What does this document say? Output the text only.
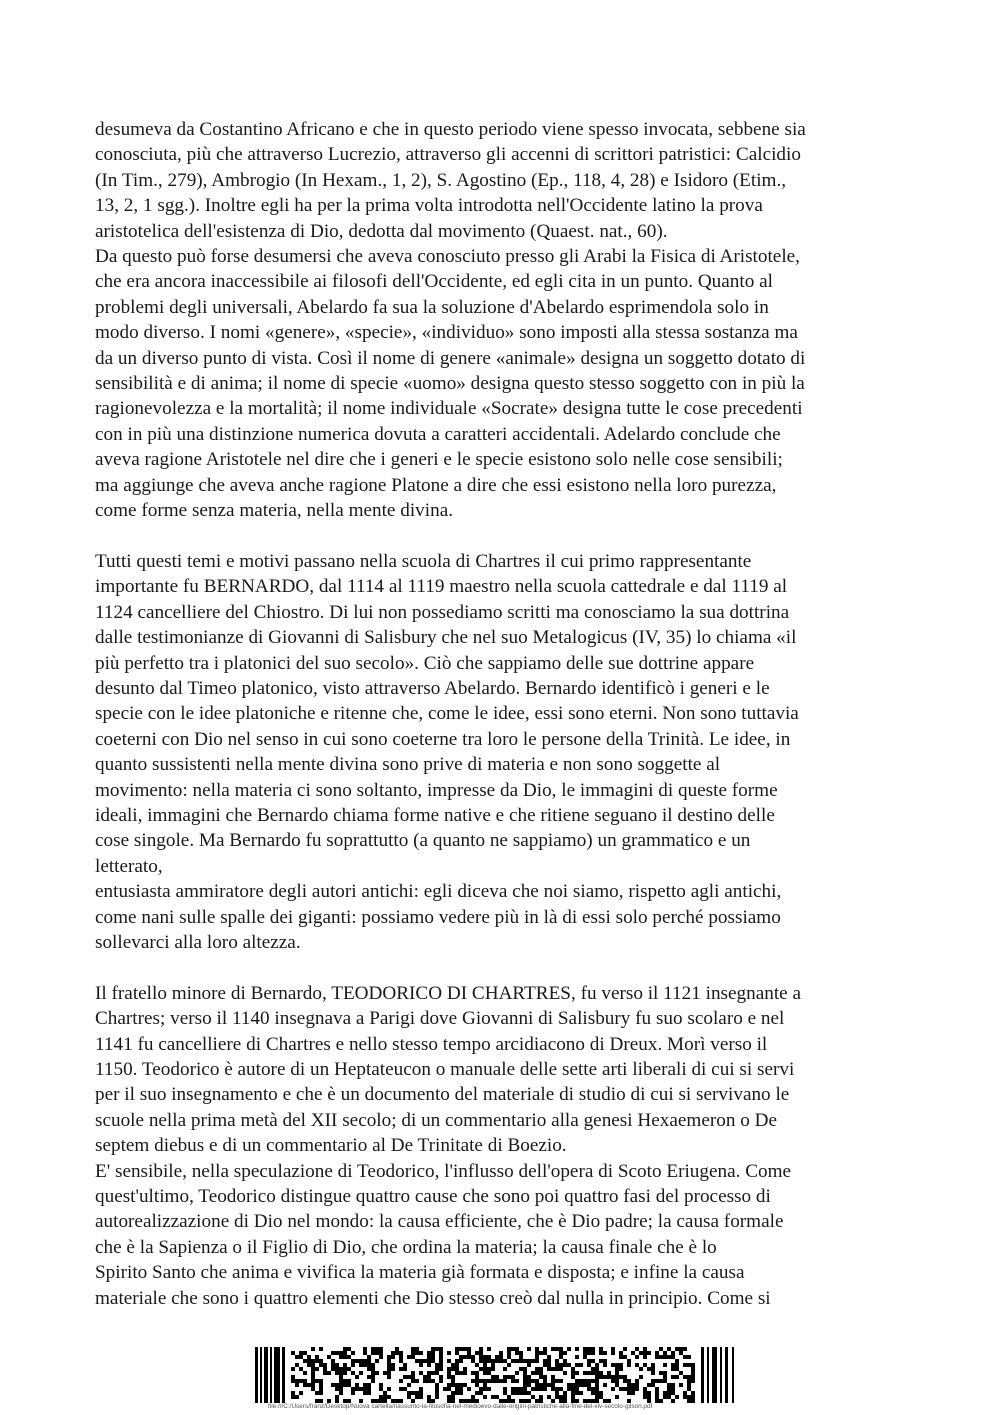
desumeva da Costantino Africano e che in questo periodo viene spesso invocata, sebbene sia

conosciuta, più che attraverso Lucrezio, attraverso gli accenni di scrittori patristici: Calcidio

(In Tim., 279), Ambrogio (In Hexam., 1, 2), S. Agostino (Ep., 118, 4, 28) e Isidoro (Etim.,

13, 2, 1 sgg.). Inoltre egli ha per la prima volta introdotta nell'Occidente latino la prova

aristotelica dell'esistenza di Dio, dedotta dal movimento (Quaest. nat., 60).

Da questo può forse desumersi che aveva conosciuto presso gli Arabi la Fisica di Aristotele,

che era ancora inaccessibile ai filosofi dell'Occidente, ed egli cita in un punto. Quanto al

problemi degli universali, Abelardo fa sua la soluzione d'Abelardo esprimendola solo in

modo diverso. I nomi «genere», «specie», «individuo» sono imposti alla stessa sostanza ma

da un diverso punto di vista. Così il nome di genere «animale» designa un soggetto dotato di

sensibilità e di anima; il nome di specie «uomo» designa questo stesso soggetto con in più la

ragionevolezza e la mortalità; il nome individuale «Socrate» designa tutte le cose precedenti

con in più una distinzione numerica dovuta a caratteri accidentali. Adelardo conclude che

aveva ragione Aristotele nel dire che i generi e le specie esistono solo nelle cose sensibili;

ma aggiunge che aveva anche ragione Platone a dire che essi esistono nella loro purezza,

come forme senza materia, nella mente divina.

Tutti questi temi e motivi passano nella scuola di Chartres il cui primo rappresentante

importante fu BERNARDO, dal 1114 al 1119 maestro nella scuola cattedrale e dal 1119 al

1124 cancelliere del Chiostro. Di lui non possediamo scritti ma conosciamo la sua dottrina

dalle testimonianze di Giovanni di Salisbury che nel suo Metalogicus (IV, 35) lo chiama «il

più perfetto tra i platonici del suo secolo». Ciò che sappiamo delle sue dottrine appare

desunto dal Timeo platonico, visto attraverso Abelardo. Bernardo identificò i generi e le

specie con le idee platoniche e ritenne che, come le idee, essi sono eterni. Non sono tuttavia

coeterni con Dio nel senso in cui sono coeterne tra loro le persone della Trinità. Le idee, in

quanto sussistenti nella mente divina sono prive di materia e non sono soggette al

movimento: nella materia ci sono soltanto, impresse da Dio, le immagini di queste forme

ideali, immagini che Bernardo chiama forme native e che ritiene seguano il destino delle

cose singole. Ma Bernardo fu soprattutto (a quanto ne sappiamo) un grammatico e un

letterato,

entusiasta ammiratore degli autori antichi: egli diceva che noi siamo, rispetto agli antichi,

come nani sulle spalle dei giganti: possiamo vedere più in là di essi solo perché possiamo

sollevarci alla loro altezza.

Il fratello minore di Bernardo, TEODORICO DI CHARTRES, fu verso il 1121 insegnante a

Chartres; verso il 1140 insegnava a Parigi dove Giovanni di Salisbury fu suo scolaro e nel

1141 fu cancelliere di Chartres e nello stesso tempo arcidiacono di Dreux. Morì verso il

1150. Teodorico è autore di un Heptateucon o manuale delle sette arti liberali di cui si servi

per il suo insegnamento e che è un documento del materiale di studio di cui si servivano le

scuole nella prima metà del XII secolo; di un commentario alla genesi Hexaemeron o De

septem diebus e di un commentario al De Trinitate di Boezio.

E' sensibile, nella speculazione di Teodorico, l'influsso dell'opera di Scoto Eriugena. Come

quest'ultimo, Teodorico distingue quattro cause che sono poi quattro fasi del processo di

autorealizzazione di Dio nel mondo: la causa efficiente, che è Dio padre; la causa formale

che è la Sapienza o il Figlio di Dio, che ordina la materia; la causa finale che è lo

Spirito Santo che anima e vivifica la materia già formata e disposta; e infine la causa

materiale che sono i quattro elementi che Dio stesso creò dal nulla in principio. Come si

file:///C:/Users/franz/Desktop/Nuova cartella/riassunto-la-filosofia-nel-medioevo-dalle-origini-patristiche-alla-fine-del-xiv-secolo-gilson.pdf
